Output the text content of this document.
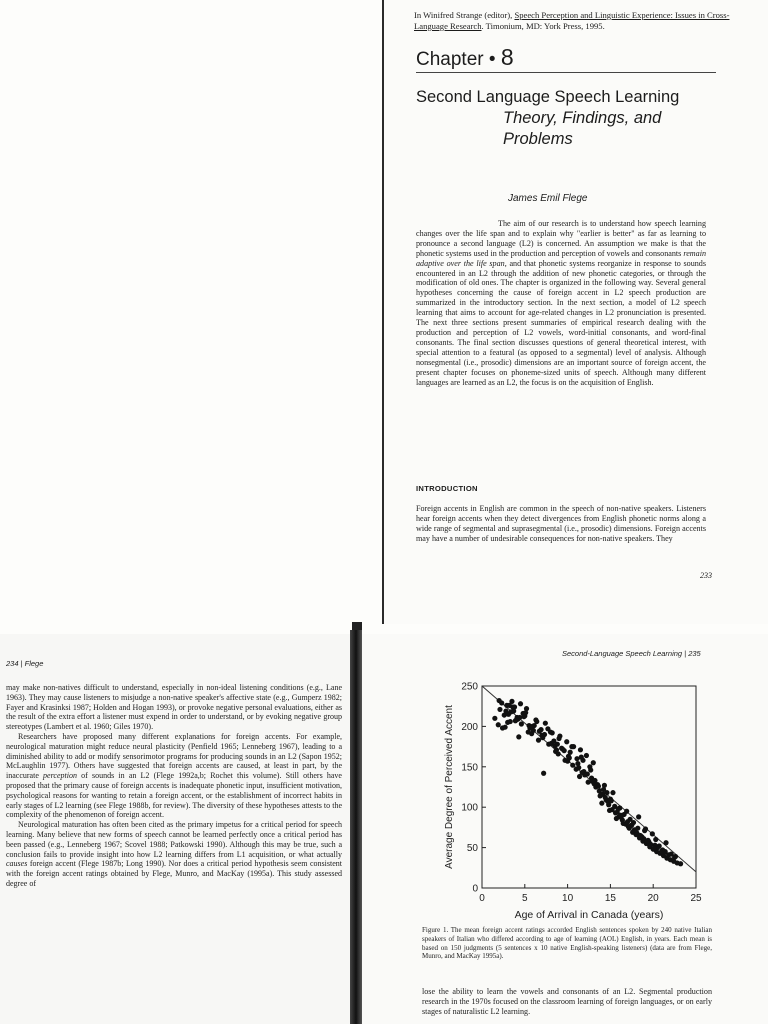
In Winifred Strange (editor), Speech Perception and Linguistic Experience: Issues in Cross-Language Research. Timonium, MD: York Press, 1995.
Chapter • 8
Second Language Speech Learning
Theory, Findings, and
Problems
James Emil Flege

The aim of our research is to understand how speech learning changes over the life span and to explain why "earlier is better" as far as learning to pronounce a second language (L2) is concerned. An assumption we make is that the phonetic systems used in the production and perception of vowels and consonants remain adaptive over the life span, and that phonetic systems reorganize in response to sounds encountered in an L2 through the addition of new phonetic categories, or through the modification of old ones. The chapter is organized in the following way. Several general hypotheses concerning the cause of foreign accent in L2 speech production are summarized in the introductory section. In the next section, a model of L2 speech learning that aims to account for age-related changes in L2 pronunciation is presented. The next three sections present summaries of empirical research dealing with the production and perception of L2 vowels, word-initial consonants, and word-final consonants. The final section discusses questions of general theoretical interest, with special attention to a featural (as opposed to a segmental) level of analysis. Although nonsegmental (i.e., prosodic) dimensions are an important source of foreign accent, the present chapter focuses on phoneme-sized units of speech. Although many different languages are learned as an L2, the focus is on the acquisition of English.

INTRODUCTION

Foreign accents in English are common in the speech of non-native speakers. Listeners hear foreign accents when they detect divergences from English phonetic norms along a wide range of segmental and suprasegmental (i.e., prosodic) dimensions. Foreign accents may have a number of undesirable consequences for non-native speakers. They

233
234 | Flege

may make non-natives difficult to understand, especially in non-ideal listening conditions (e.g., Lane 1963). They may cause listeners to misjudge a non-native speaker's affective state (e.g., Gumperz 1982; Fayer and Krasinksi 1987; Holden and Hogan 1993), or provoke negative personal evaluations, either as the result of the extra effort a listener must expend in order to understand, or by evoking negative group stereotypes (Lambert et al. 1960; Giles 1970).
Researchers have proposed many different explanations for foreign accents. For example, neurological maturation might reduce neural plasticity (Penfield 1965; Lenneberg 1967), leading to a diminished ability to add or modify sensorimotor programs for producing sounds in an L2 (Sapon 1952; McLaughlin 1977). Others have suggested that foreign accents are caused, at least in part, by the inaccurate perception of sounds in an L2 (Flege 1992a,b; Rochet this volume). Still others have proposed that the primary cause of foreign accents is inadequate phonetic input, insufficient motivation, psychological reasons for wanting to retain a foreign accent, or the establishment of incorrect habits in early stages of L2 learning (see Flege 1988b, for review). The diversity of these hypotheses attests to the complexity of the phenomenon of foreign accent.
Neurological maturation has often been cited as the primary impetus for a critical period for speech learning. Many believe that new forms of speech cannot be learned perfectly once a critical period has been passed (e.g., Lenneberg 1967; Scovel 1988; Patkowski 1990). Although this may be true, such a conclusion fails to provide insight into how L2 learning differs from L1 acquisition, or what actually causes foreign accent (Flege 1987b; Long 1990). Nor does a critical period hypothesis seem consistent with the foreign accent ratings obtained by Flege, Munro, and MacKay (1995a). This study assessed degree of

Second-Language Speech Learning | 235
0	5	10	15	20	25
0
50
100
150
200
250
Age of Arrival in Canada (years)
Average Degree of Perceived Accent

Figure 1. The mean foreign accent ratings accorded English sentences spoken by 240 native Italian speakers of Italian who differed according to age of learning (AOL) English, in years. Each mean is based on 150 judgments (5 sentences x 10 native English-speaking listeners) (data are from Flege, Munro, and MacKay 1995a).

lose the ability to learn the vowels and consonants of an L2. Segmental production research in the 1970s focused on the classroom learning of foreign languages, or on early stages of naturalistic L2 learning.
